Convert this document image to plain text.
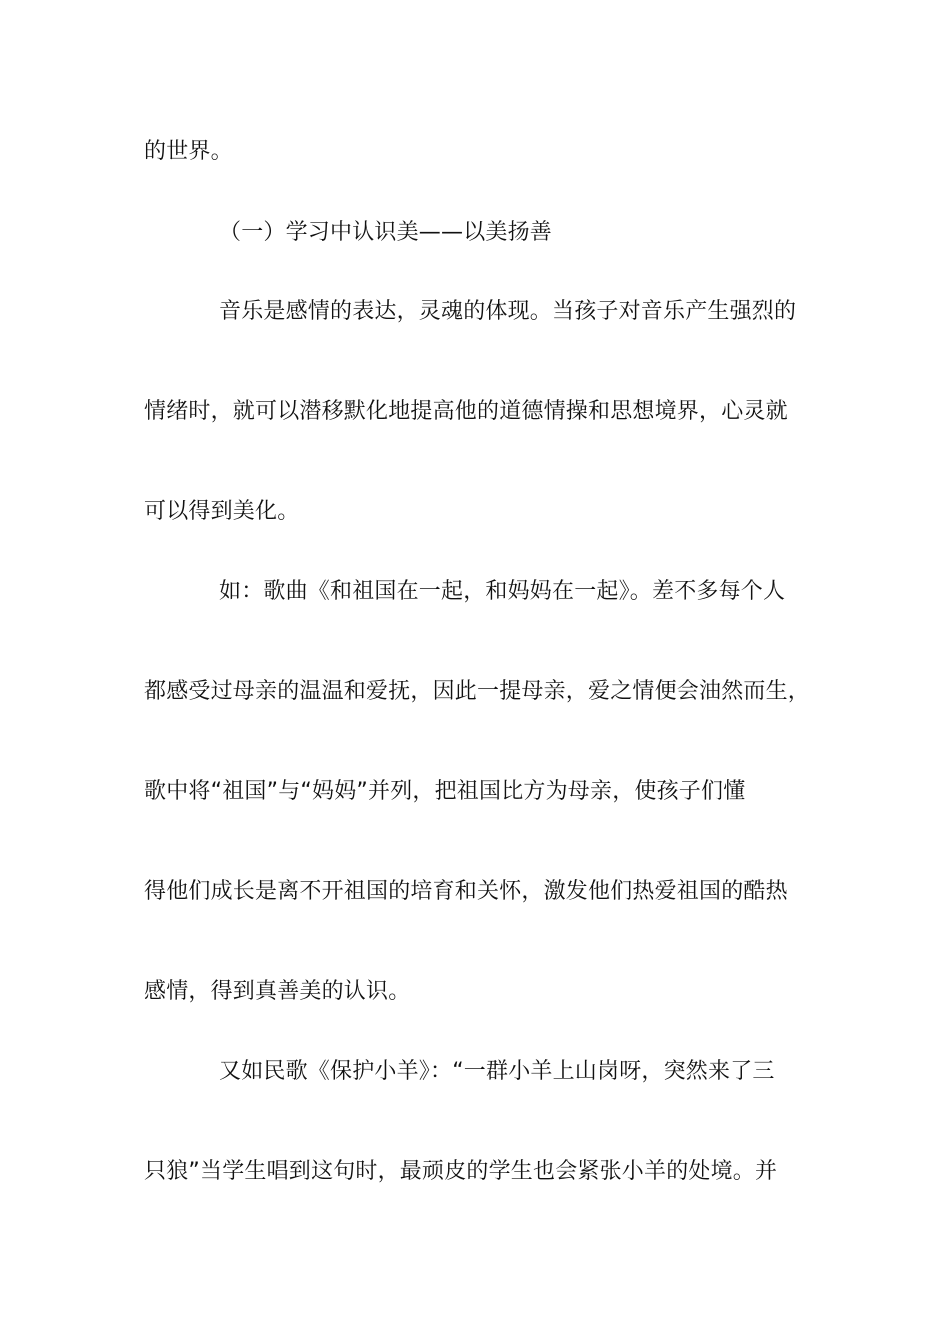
的世界。
（一）学习中认识美——以美扬善
音乐是感情的表达，灵魂的体现。当孩子对音乐产生强烈的
情绪时，就可以潜移默化地提高他的道德情操和思想境界，心灵就
可以得到美化。
如：歌曲《和祖国在一起，和妈妈在一起》。差不多每个人
都感受过母亲的温温和爱抚，因此一提母亲，爱之情便会油然而生，
歌中将“祖国”与“妈妈”并列，把祖国比方为母亲，使孩子们懂
得他们成长是离不开祖国的培育和关怀，激发他们热爱祖国的酷热
感情，得到真善美的认识。
又如民歌《保护小羊》：“一群小羊上山岗呀，突然来了三
只狼”当学生唱到这句时，最顽皮的学生也会紧张小羊的处境。并
